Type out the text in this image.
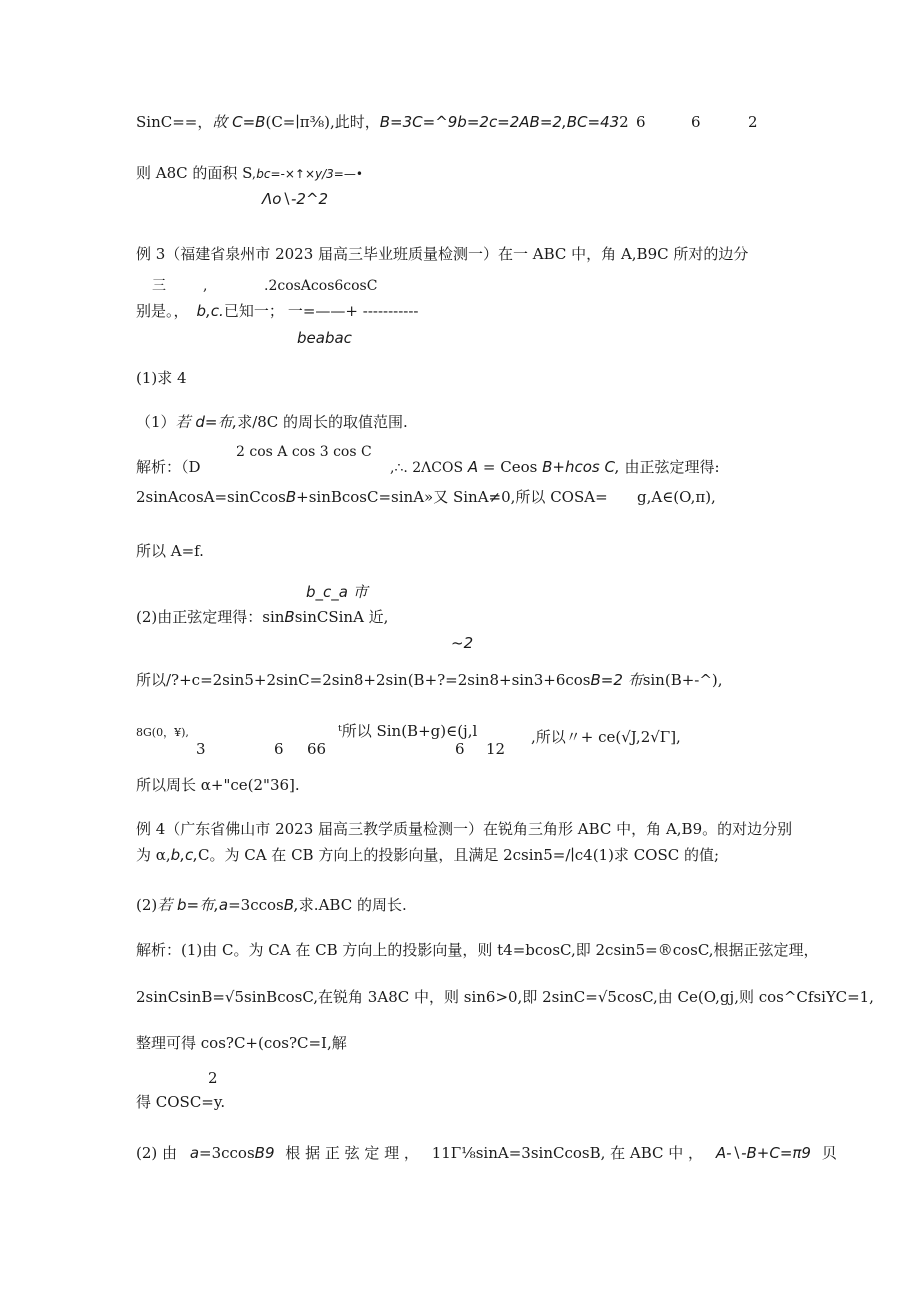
SinC==，故 C=B(C=∣π⅜),此时，B=3C=^9b=2c=2AB=2,BC=432 6	6	2
则 A8C 的面积 S,bc=-×↑×y/3=—•
Λo∖-2^2
例 3（福建省泉州市 2023 届高三毕业班质量检测一）在一 ABC 中，角 A,B9C 所对的边分
三	,	.2cosAcos6cosC
别是。， b,c.已知一； 一=——+ -----------
beabac
(1)求 4
（1）若 d=布,求/8C 的周长的取值范围.
2 cos A cos 3 cos C
解析：（D	,∴. 2ΛCOS A = Ceos B+hcos C, 由正弦定理得:
2sinAcosA=sinCcosB+sinBcosC=sinA»又 SinA≠0,所以 COSA= g,A∈(O,π),
所以 A=f.
b_c_a 市
(2)由正弦定理得：sinBsinCSinA 近,
~2
所以/?+c=2sin5+2sinC=2sin8+2sin(B+?=2sin8+sin3+6cosB=2 布sin(B+-^),
8G(0，¥),	ᵗ所以 Sin(B+g)∈(j,l	,所以〃+ ce(√J,2√Γ],
3	6 66	6 12
所以周长 α+"ce(2"36].
例 4（广东省佛山市 2023 届高三教学质量检测一）在锐角三角形 ABC 中，角 A,B9。的对边分别
为 α,b,c,C。为 CA 在 CB 方向上的投影向量，且满足 2csin5=∕∣c4(1)求 COSC 的值;
(2)若 b=布,a=3ccosB,求.ABC 的周长.
解析：(1)由 C。为 CA 在 CB 方向上的投影向量，则 t4=bcosC,即 2csin5=®cosC,根据正弦定理，
2sinCsinB=√5sinBcosC,在锐角 3A8C 中，则 sin6>0,即 2sinC=√5cosC,由 Ce(O,gj,则 cos^CfsiYC=1,
整理可得 cos?C+(cos?C=I,解
2
得 COSC=y.
(2) 由 a=3ccosB9 根 据 正 弦 定 理 ， 11Γ⅛sinA=3sinCcosB, 在 ABC 中 ， A-∖-B+C=π9 贝
